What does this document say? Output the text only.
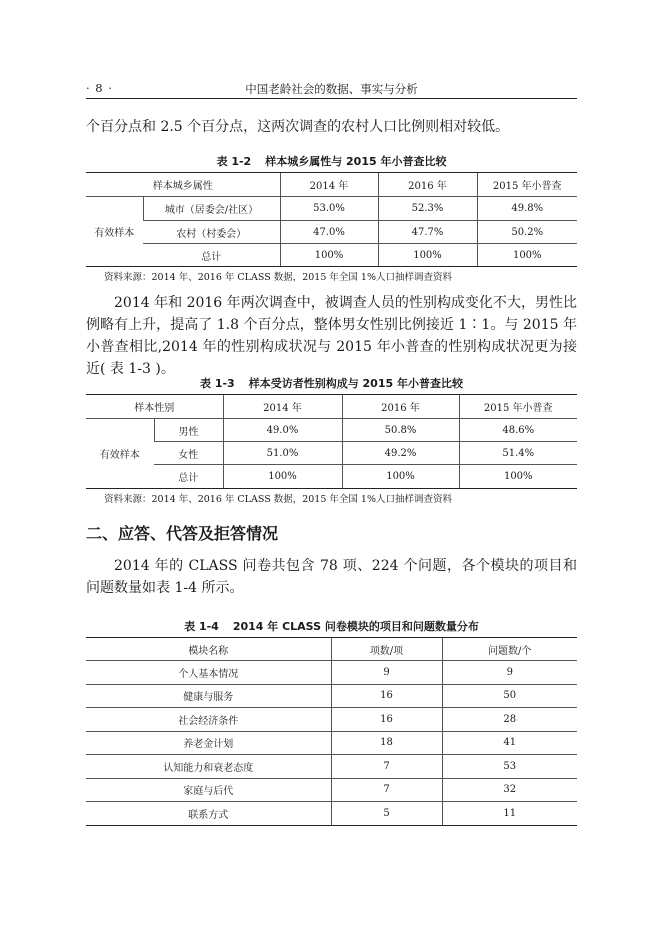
· 8 ·	中国老龄社会的数据、事实与分析

个百分点和 2.5 个百分点，这两次调查的农村人口比例则相对较低。

表 1-2 样本城乡属性与 2015 年小普查比较
样本城乡属性		2014 年	2016 年	2015 年小普查
有效样本	城市（居委会/社区）	53.0%	52.3%	49.8%
	农村（村委会）	47.0%	47.7%	50.2%
	总计	100%	100%	100%
资料来源：2014 年、2016 年 CLASS 数据，2015 年全国 1%人口抽样调查资料

2014 年和 2016 年两次调查中，被调查人员的性别构成变化不大，男性比例略有上升，提高了 1.8 个百分点，整体男女性别比例接近 1∶1。与 2015 年小普查相比,2014 年的性别构成状况与 2015 年小普查的性别构成状况更为接近( 表 1-3 )。

表 1-3 样本受访者性别构成与 2015 年小普查比较
样本性别		2014 年	2016 年	2015 年小普查
有效样本	男性	49.0%	50.8%	48.6%
	女性	51.0%	49.2%	51.4%
	总计	100%	100%	100%
资料来源：2014 年、2016 年 CLASS 数据，2015 年全国 1%人口抽样调查资料
二、应答、代答及拒答情况

2014 年的 CLASS 问卷共包含 78 项、224 个问题，各个模块的项目和问题数量如表 1-4 所示。

表 1-4 2014 年 CLASS 问卷模块的项目和问题数量分布
模块名称	项数/项	问题数/个
个人基本情况	9	9
健康与服务	16	50
社会经济条件	16	28
养老金计划	18	41
认知能力和衰老态度	7	53
家庭与后代	7	32
联系方式	5	11
